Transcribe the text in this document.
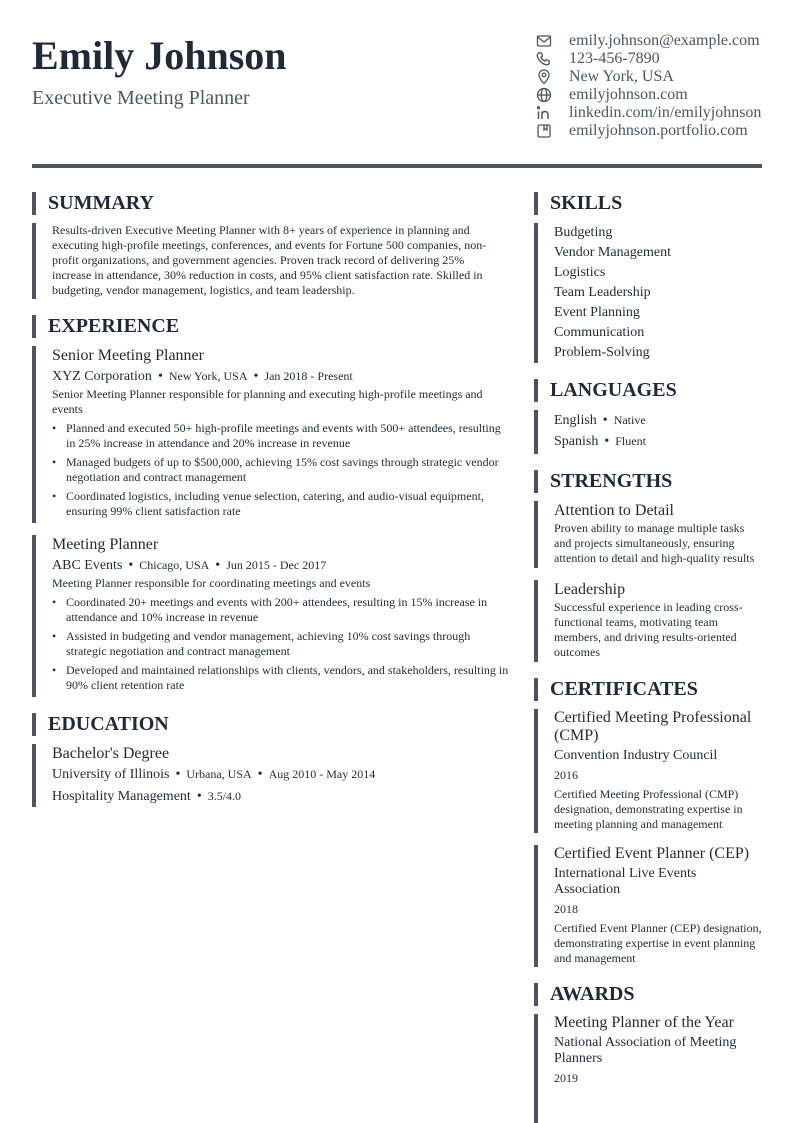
Emily Johnson
Executive Meeting Planner
emily.johnson@example.com
123-456-7890
New York, USA
emilyjohnson.com
linkedin.com/in/emilyjohnson
emilyjohnson.portfolio.com
SUMMARY

Results-driven Executive Meeting Planner with 8+ years of experience in planning and executing high-profile meetings, conferences, and events for Fortune 500 companies, non-profit organizations, and government agencies. Proven track record of delivering 25% increase in attendance, 30% reduction in costs, and 95% client satisfaction rate. Skilled in budgeting, vendor management, logistics, and team leadership.

EXPERIENCE
Senior Meeting Planner
XYZ Corporation • New York, USA • Jan 2018 - Present

Senior Meeting Planner responsible for planning and executing high-profile meetings and events

• Planned and executed 50+ high-profile meetings and events with 500+ attendees, resulting in 25% increase in attendance and 20% increase in revenue
• Managed budgets of up to $500,000, achieving 15% cost savings through strategic vendor negotiation and contract management
• Coordinated logistics, including venue selection, catering, and audio-visual equipment, ensuring 99% client satisfaction rate
Meeting Planner
ABC Events • Chicago, USA • Jun 2015 - Dec 2017

Meeting Planner responsible for coordinating meetings and events

• Coordinated 20+ meetings and events with 200+ attendees, resulting in 15% increase in attendance and 10% increase in revenue
• Assisted in budgeting and vendor management, achieving 10% cost savings through strategic negotiation and contract management
• Developed and maintained relationships with clients, vendors, and stakeholders, resulting in 90% client retention rate
EDUCATION
Bachelor's Degree
University of Illinois • Urbana, USA • Aug 2010 - May 2014
Hospitality Management • 3.5/4.0
SKILLS
Budgeting
Vendor Management
Logistics
Team Leadership
Event Planning
Communication
Problem-Solving
LANGUAGES
English • Native
Spanish • Fluent
STRENGTHS
Attention to Detail

Proven ability to manage multiple tasks and projects simultaneously, ensuring attention to detail and high-quality results

Leadership

Successful experience in leading cross-functional teams, motivating team members, and driving results-oriented outcomes

CERTIFICATES
Certified Meeting Professional (CMP)
Convention Industry Council
2016

Certified Meeting Professional (CMP) designation, demonstrating expertise in meeting planning and management

Certified Event Planner (CEP)
International Live Events Association
2018

Certified Event Planner (CEP) designation, demonstrating expertise in event planning and management

AWARDS
Meeting Planner of the Year
National Association of Meeting Planners
2019
